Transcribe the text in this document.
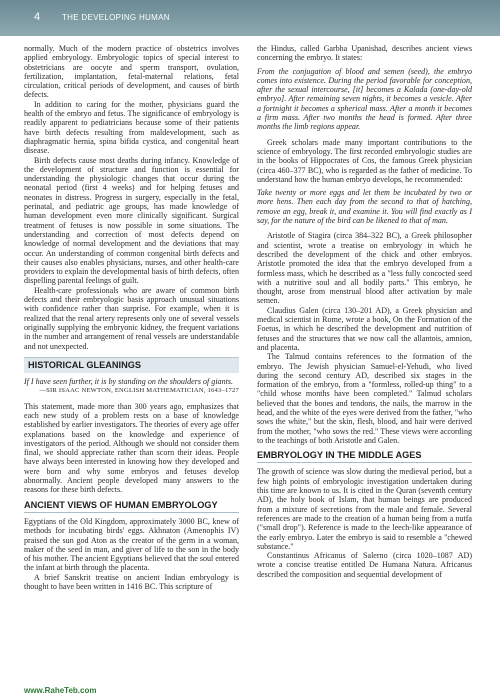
4	THE DEVELOPING HUMAN

normally. Much of the modern practice of obstetrics involves applied embryology. Embryologic topics of special interest to obstetricians are oocyte and sperm transport, ovulation, fertilization, implantation, fetal-maternal relations, fetal circulation, critical periods of development, and causes of birth defects.

In addition to caring for the mother, physicians guard the health of the embryo and fetus. The significance of embryology is readily apparent to pediatricians because some of their patients have birth defects resulting from maldevelopment, such as diaphragmatic hernia, spina bifida cystica, and congenital heart disease.

Birth defects cause most deaths during infancy. Knowledge of the development of structure and function is essential for understanding the physiologic changes that occur during the neonatal period (first 4 weeks) and for helping fetuses and neonates in distress. Progress in surgery, especially in the fetal, perinatal, and pediatric age groups, has made knowledge of human development even more clinically significant. Surgical treatment of fetuses is now possible in some situations. The understanding and correction of most defects depend on knowledge of normal development and the deviations that may occur. An understanding of common congenital birth defects and their causes also enables physicians, nurses, and other health-care providers to explain the developmental basis of birth defects, often dispelling parental feelings of guilt.

Health-care professionals who are aware of common birth defects and their embryologic basis approach unusual situations with confidence rather than surprise. For example, when it is realized that the renal artery represents only one of several vessels originally supplying the embryonic kidney, the frequent variations in the number and arrangement of renal vessels are understandable and not unexpected.

HISTORICAL GLEANINGS

If I have seen further, it is by standing on the shoulders of giants.

—SIR ISAAC NEWTON, ENGLISH MATHEMATICIAN, 1643–1727

This statement, made more than 300 years ago, emphasizes that each new study of a problem rests on a base of knowledge established by earlier investigators. The theories of every age offer explanations based on the knowledge and experience of investigators of the period. Although we should not consider them final, we should appreciate rather than scorn their ideas. People have always been interested in knowing how they developed and were born and why some embryos and fetuses develop abnormally. Ancient people developed many answers to the reasons for these birth defects.

ANCIENT VIEWS OF HUMAN EMBRYOLOGY

Egyptians of the Old Kingdom, approximately 3000 BC, knew of methods for incubating birds' eggs. Akhnaton (Amenophis IV) praised the sun god Aton as the creator of the germ in a woman, maker of the seed in man, and giver of life to the son in the body of his mother. The ancient Egyptians believed that the soul entered the infant at birth through the placenta.

A brief Sanskrit treatise on ancient Indian embryology is thought to have been written in 1416 BC. This scripture of

the Hindus, called Garbha Upanishad, describes ancient views concerning the embryo. It states:

From the conjugation of blood and semen (seed), the embryo comes into existence. During the period favorable for conception, after the sexual intercourse, [it] becomes a Kalada (one-day-old embryo]. After remaining seven nights, it becomes a vesicle. After a fortnight it becomes a spherical mass. After a month it becomes a firm mass. After two months the head is formed. After three months the limb regions appear.

Greek scholars made many important contributions to the science of embryology. The first recorded embryologic studies are in the books of Hippocrates of Cos, the famous Greek physician (circa 460–377 BC), who is regarded as the father of medicine. To understand how the human embryo develops, he recommended:

Take twenty or more eggs and let them be incubated by two or more hens. Then each day from the second to that of hatching, remove an egg, break it, and examine it. You will find exactly as I say, for the nature of the bird can be likened to that of man.

Aristotle of Stagira (circa 384–322 BC), a Greek philosopher and scientist, wrote a treatise on embryology in which he described the development of the chick and other embryos. Aristotle promoted the idea that the embryo developed from a formless mass, which he described as a "less fully concocted seed with a nutritive soul and all bodily parts." This embryo, he thought, arose from menstrual blood after activation by male semen.

Claudius Galen (circa 130–201 AD), a Greek physician and medical scientist in Rome, wrote a book, On the Formation of the Foetus, in which he described the development and nutrition of fetuses and the structures that we now call the allantois, amnion, and placenta.

The Talmud contains references to the formation of the embryo. The Jewish physician Samuel-el-Yehudi, who lived during the second century AD, described six stages in the formation of the embryo, from a "formless, rolled-up thing" to a "child whose months have been completed." Talmud scholars believed that the bones and tendons, the nails, the marrow in the head, and the white of the eyes were derived from the father, "who sows the white," but the skin, flesh, blood, and hair were derived from the mother, "who sows the red." These views were according to the teachings of both Aristotle and Galen.

EMBRYOLOGY IN THE MIDDLE AGES

The growth of science was slow during the medieval period, but a few high points of embryologic investigation undertaken during this time are known to us. It is cited in the Quran (seventh century AD), the holy book of Islam, that human beings are produced from a mixture of secretions from the male and female. Several references are made to the creation of a human being from a nutfa ("small drop"). Reference is made to the leech-like appearance of the early embryo. Later the embryo is said to resemble a "chewed substance."

Constantinus Africanus of Salerno (circa 1020–1087 AD) wrote a concise treatise entitled De Humana Natura. Africanus described the composition and sequential development of

www.RaheTeb.com
